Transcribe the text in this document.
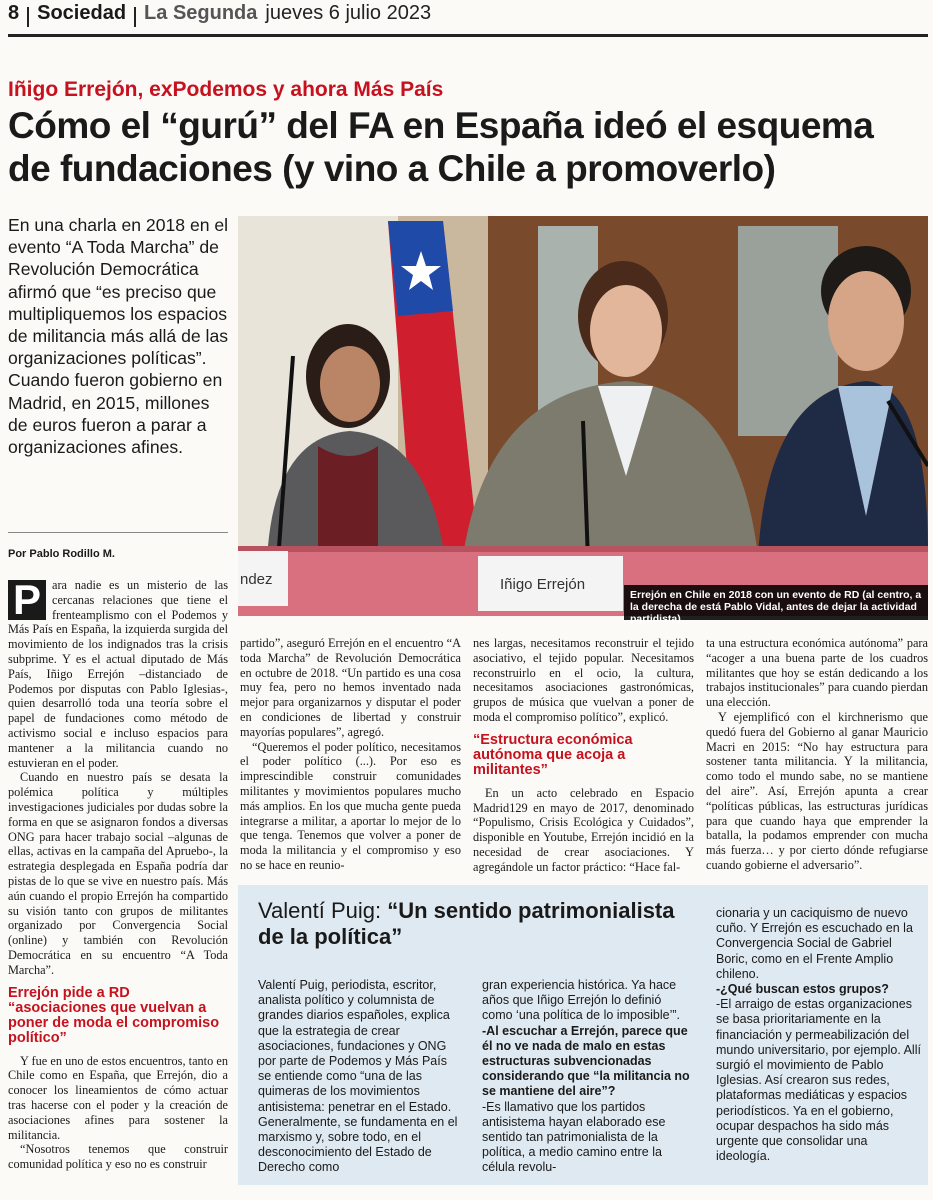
8 Sociedad La Segunda jueves 6 julio 2023
Iñigo Errejón, exPodemos y ahora Más País
Cómo el “gurú” del FA en España ideó el esquema de fundaciones (y vino a Chile a promoverlo)
En una charla en 2018 en el evento “A Toda Marcha” de Revolución Democrática afirmó que “es preciso que multipliquemos los espacios de militancia más allá de las organizaciones políticas”. Cuando fueron gobierno en Madrid, en 2015, millones de euros fueron a parar a organizaciones afines.
Por Pablo Rodillo M.
ndez	Iñigo Errejón
Errejón en Chile en 2018 con un evento de RD (al centro, a la derecha de está Pablo Vidal, antes de dejar la actividad partidista).

P ara nadie es un misterio de las cercanas relaciones que tiene el frenteamplismo con el Podemos y Más País en España, la izquierda surgida del movimiento de los indignados tras la crisis subprime. Y es el actual diputado de Más País, Iñigo Errejón –distanciado de Podemos por disputas con Pablo Iglesias-, quien desarrolló toda una teoría sobre el papel de fundaciones como método de activismo social e incluso espacios para mantener a la militancia cuando no estuvieran en el poder.

Cuando en nuestro país se desata la polémica política y múltiples investigaciones judiciales por dudas sobre la forma en que se asignaron fondos a diversas ONG para hacer trabajo social –algunas de ellas, activas en la campaña del Apruebo-, la estrategia desplegada en España podría dar pistas de lo que se vive en nuestro país. Más aún cuando el propio Errejón ha compartido su visión tanto con grupos de militantes organizado por Convergencia Social (online) y también con Revolución Democrática en su encuentro “A Toda Marcha”.

Errejón pide a RD “asociaciones que vuelvan a poner de moda el compromiso político”

Y fue en uno de estos encuentros, tanto en Chile como en España, que Errejón, dio a conocer los lineamientos de cómo actuar tras hacerse con el poder y la creación de asociaciones afines para sostener la militancia.

“Nosotros tenemos que construir comunidad política y eso no es construir

partido”, aseguró Errejón en el encuentro “A toda Marcha” de Revolución Democrática en octubre de 2018. “Un partido es una cosa muy fea, pero no hemos inventado nada mejor para organizarnos y disputar el poder en condiciones de libertad y construir mayorías populares”, agregó.

“Queremos el poder político, necesitamos el poder político (...). Por eso es imprescindible construir comunidades militantes y movimientos populares mucho más amplios. En los que mucha gente pueda integrarse a militar, a aportar lo mejor de lo que tenga. Tenemos que volver a poner de moda la militancia y el compromiso y eso no se hace en reunio-

nes largas, necesitamos reconstruir el tejido asociativo, el tejido popular. Necesitamos reconstruirlo en el ocio, la cultura, necesitamos asociaciones gastronómicas, grupos de música que vuelvan a poner de moda el compromiso político”, explicó.

“Estructura económica autónoma que acoja a militantes”

En un acto celebrado en Espacio Madrid129 en mayo de 2017, denominado “Populismo, Crisis Ecológica y Cuidados”, disponible en Youtube, Errejón incidió en la necesidad de crear asociaciones. Y agregándole un factor práctico: “Hace fal-

ta una estructura económica autónoma” para “acoger a una buena parte de los cuadros militantes que hoy se están dedicando a los trabajos institucionales” para cuando pierdan una elección.

Y ejemplificó con el kirchnerismo que quedó fuera del Gobierno al ganar Mauricio Macri en 2015: “No hay estructura para sostener tanta militancia. Y la militancia, como todo el mundo sabe, no se mantiene del aire”. Así, Errejón apunta a crear “políticas públicas, las estructuras jurídicas para que cuando haya que emprender la batalla, la podamos emprender con mucha más fuerza… y por cierto dónde refugiarse cuando gobierne el adversario”.

Valentí Puig: “Un sentido patrimonialista de la política”

Valentí Puig, periodista, escritor, analista político y columnista de grandes diarios españoles, explica que la estrategia de crear asociaciones, fundaciones y ONG por parte de Podemos y Más País se entiende como “una de las quimeras de los movimientos antisistema: penetrar en el Estado. Generalmente, se fundamenta en el marxismo y, sobre todo, en el desconocimiento del Estado de Derecho como

gran experiencia histórica. Ya hace años que Iñigo Errejón lo definió como ‘una política de lo imposible’”.

-Al escuchar a Errejón, parece que él no ve nada de malo en estas estructuras subvencionadas considerando que “la militancia no se mantiene del aire”?

-Es llamativo que los partidos antisistema hayan elaborado ese sentido tan patrimonialista de la política, a medio camino entre la célula revolu-

cionaria y un caciquismo de nuevo cuño. Y Errejón es escuchado en la Convergencia Social de Gabriel Boric, como en el Frente Amplio chileno.

-¿Qué buscan estos grupos?

-El arraigo de estas organizaciones se basa prioritariamente en la financiación y permeabilización del mundo universitario, por ejemplo. Allí surgió el movimiento de Pablo Iglesias. Así crearon sus redes, plataformas mediáticas y espacios periodísticos. Ya en el gobierno, ocupar despachos ha sido más urgente que consolidar una ideología.
